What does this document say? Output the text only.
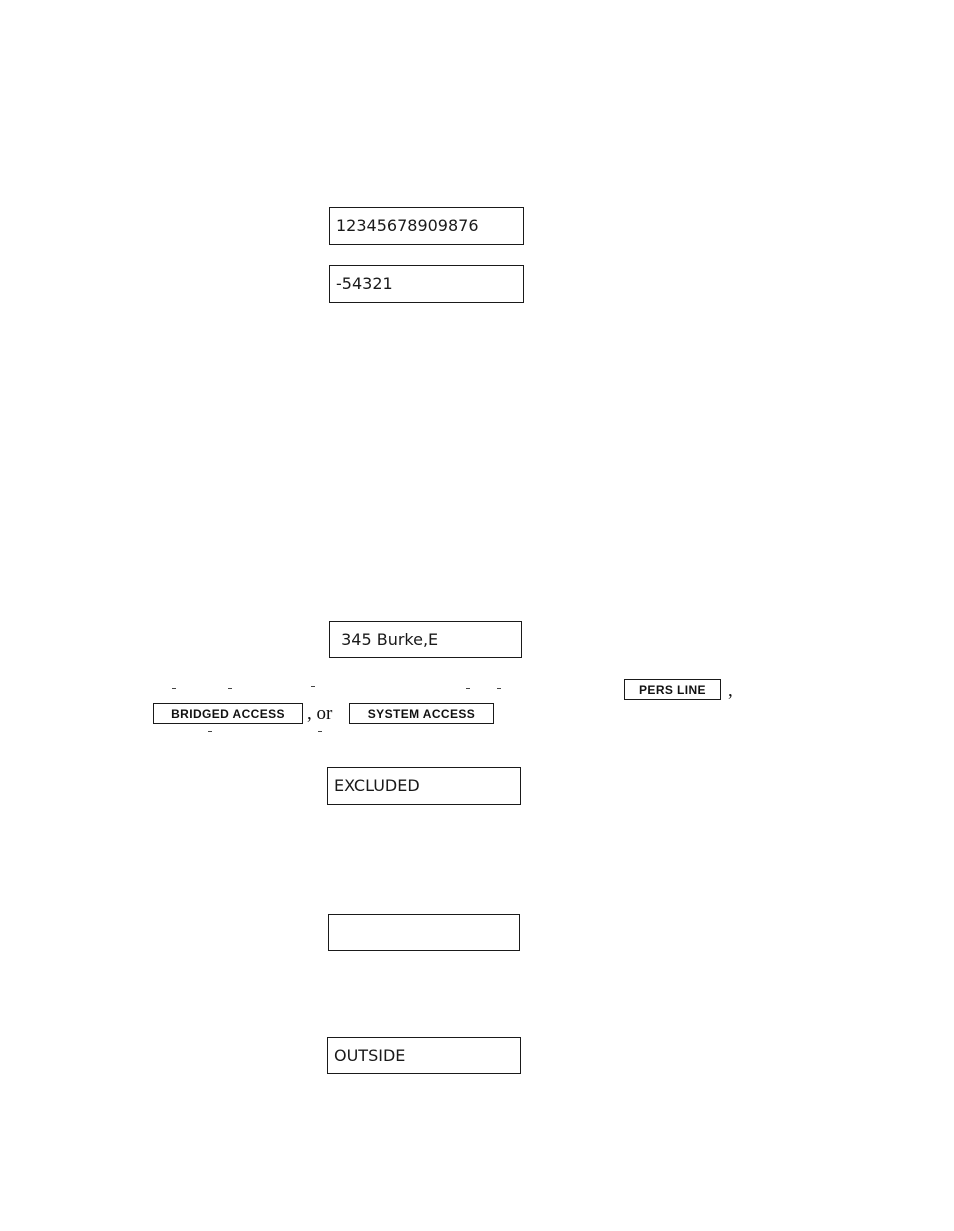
12345678909876
-54321
345 Burke,E
PERS LINE	,
BRIDGED ACCESS	, or	SYSTEM ACCESS
EXCLUDED
OUTSIDE
